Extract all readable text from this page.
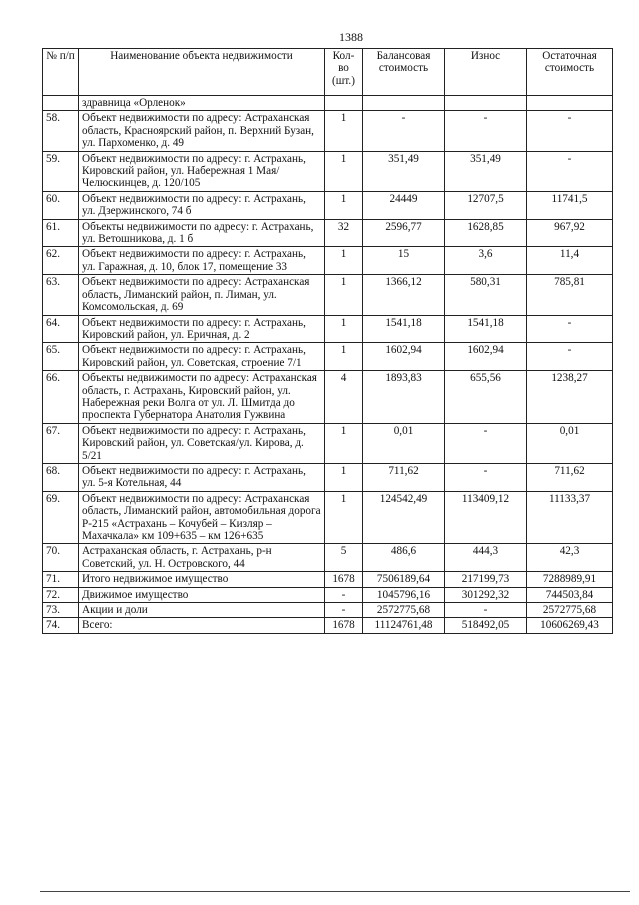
1388
№ п/п	Наименование объекта недвижимости	Кол-во (шт.)	Балансовая стоимость	Износ	Остаточная стоимость
	здравница «Орленок»				
58.	Объект недвижимости по адресу: Астраханская область, Красноярский район, п. Верхний Бузан, ул. Пархоменко, д. 49	1	-	-	-
59.	Объект недвижимости по адресу: г. Астрахань, Кировский район, ул. Набережная 1 Мая/Челюскинцев, д. 120/105	1	351,49	351,49	-
60.	Объект недвижимости по адресу: г. Астрахань, ул. Дзержинского, 74 б	1	24449	12707,5	11741,5
61.	Объекты недвижимости по адресу: г. Астрахань, ул. Ветошникова, д. 1 б	32	2596,77	1628,85	967,92
62.	Объект недвижимости по адресу: г. Астрахань, ул. Гаражная, д. 10, блок 17, помещение 33	1	15	3,6	11,4
63.	Объект недвижимости по адресу: Астраханская область, Лиманский район, п. Лиман, ул. Комсомольская, д. 69	1	1366,12	580,31	785,81
64.	Объект недвижимости по адресу: г. Астрахань, Кировский район, ул. Еричная, д. 2	1	1541,18	1541,18	-
65.	Объект недвижимости по адресу: г. Астрахань, Кировский район, ул. Советская, строение 7/1	1	1602,94	1602,94	-
66.	Объекты недвижимости по адресу: Астраханская область, г. Астрахань, Кировский район, ул. Набережная реки Волга от ул. Л. Шмитда до проспекта Губернатора Анатолия Гужвина	4	1893,83	655,56	1238,27
67.	Объект недвижимости по адресу: г. Астрахань, Кировский район, ул. Советская/ул. Кирова, д. 5/21	1	0,01	-	0,01
68.	Объект недвижимости по адресу: г. Астрахань, ул. 5-я Котельная, 44	1	711,62	-	711,62
69.	Объект недвижимости по адресу: Астраханская область, Лиманский район, автомобильная дорога Р-215 «Астрахань – Кочубей – Кизляр – Махачкала» км 109+635 – км 126+635	1	124542,49	113409,12	11133,37
70.	Астраханская область, г. Астрахань, р-н Советский, ул. Н. Островского, 44	5	486,6	444,3	42,3
71.	Итого недвижимое имущество	1678	7506189,64	217199,73	7288989,91
72.	Движимое имущество	-	1045796,16	301292,32	744503,84
73.	Акции и доли	-	2572775,68	-	2572775,68
74.	Всего:	1678	11124761,48	518492,05	10606269,43
